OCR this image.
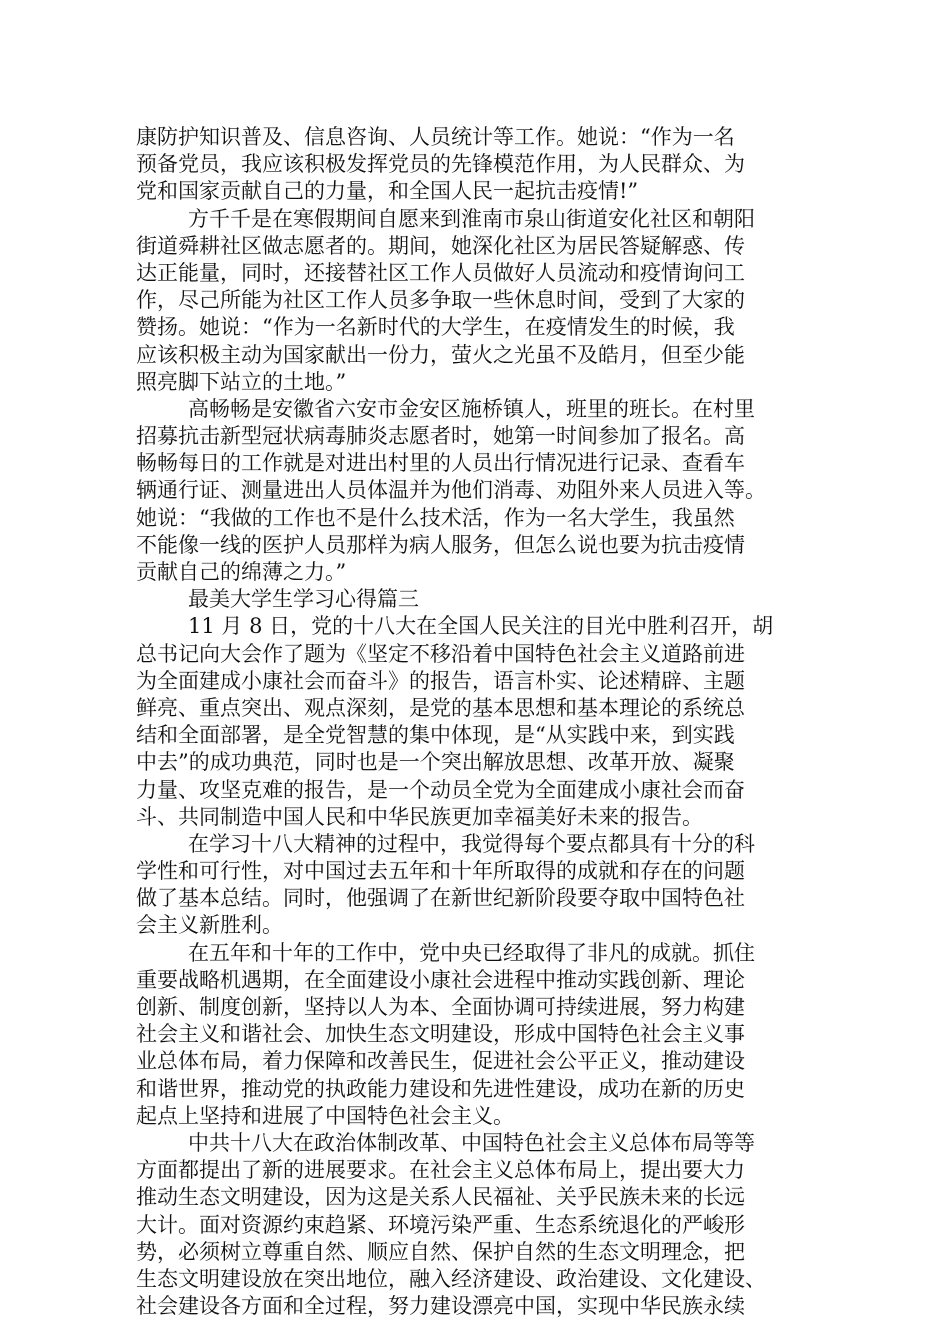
康防护知识普及、信息咨询、人员统计等工作。她说：“作为一名
预备党员，我应该积极发挥党员的先锋模范作用，为人民群众、为
党和国家贡献自己的力量，和全国人民一起抗击疫情!”
方千千是在寒假期间自愿来到淮南市泉山街道安化社区和朝阳
街道舜耕社区做志愿者的。期间，她深化社区为居民答疑解惑、传
达正能量，同时，还接替社区工作人员做好人员流动和疫情询问工
作，尽己所能为社区工作人员多争取一些休息时间，受到了大家的
赞扬。她说：“作为一名新时代的大学生，在疫情发生的时候，我
应该积极主动为国家献出一份力，萤火之光虽不及皓月，但至少能
照亮脚下站立的土地。”
高畅畅是安徽省六安市金安区施桥镇人，班里的班长。在村里
招募抗击新型冠状病毒肺炎志愿者时，她第一时间参加了报名。高
畅畅每日的工作就是对进出村里的人员出行情况进行记录、查看车
辆通行证、测量进出人员体温并为他们消毒、劝阻外来人员进入等。
她说：“我做的工作也不是什么技术活，作为一名大学生，我虽然
不能像一线的医护人员那样为病人服务，但怎么说也要为抗击疫情
贡献自己的绵薄之力。”
最美大学生学习心得篇三
11 月 8 日，党的十八大在全国人民关注的目光中胜利召开，胡
总书记向大会作了题为《坚定不移沿着中国特色社会主义道路前进
为全面建成小康社会而奋斗》的报告，语言朴实、论述精辟、主题
鲜亮、重点突出、观点深刻，是党的基本思想和基本理论的系统总
结和全面部署，是全党智慧的集中体现，是“从实践中来，到实践
中去”的成功典范，同时也是一个突出解放思想、改革开放、凝聚
力量、攻坚克难的报告，是一个动员全党为全面建成小康社会而奋
斗、共同制造中国人民和中华民族更加幸福美好未来的报告。
在学习十八大精神的过程中，我觉得每个要点都具有十分的科
学性和可行性，对中国过去五年和十年所取得的成就和存在的问题
做了基本总结。同时，他强调了在新世纪新阶段要夺取中国特色社
会主义新胜利。
在五年和十年的工作中，党中央已经取得了非凡的成就。抓住
重要战略机遇期，在全面建设小康社会进程中推动实践创新、理论
创新、制度创新，坚持以人为本、全面协调可持续进展，努力构建
社会主义和谐社会、加快生态文明建设，形成中国特色社会主义事
业总体布局，着力保障和改善民生，促进社会公平正义，推动建设
和谐世界，推动党的执政能力建设和先进性建设，成功在新的历史
起点上坚持和进展了中国特色社会主义。
中共十八大在政治体制改革、中国特色社会主义总体布局等等
方面都提出了新的进展要求。在社会主义总体布局上，提出要大力
推动生态文明建设，因为这是关系人民福祉、关乎民族未来的长远
大计。面对资源约束趋紧、环境污染严重、生态系统退化的严峻形
势，必须树立尊重自然、顺应自然、保护自然的生态文明理念，把
生态文明建设放在突出地位，融入经济建设、政治建设、文化建设、
社会建设各方面和全过程，努力建设漂亮中国，实现中华民族永续
